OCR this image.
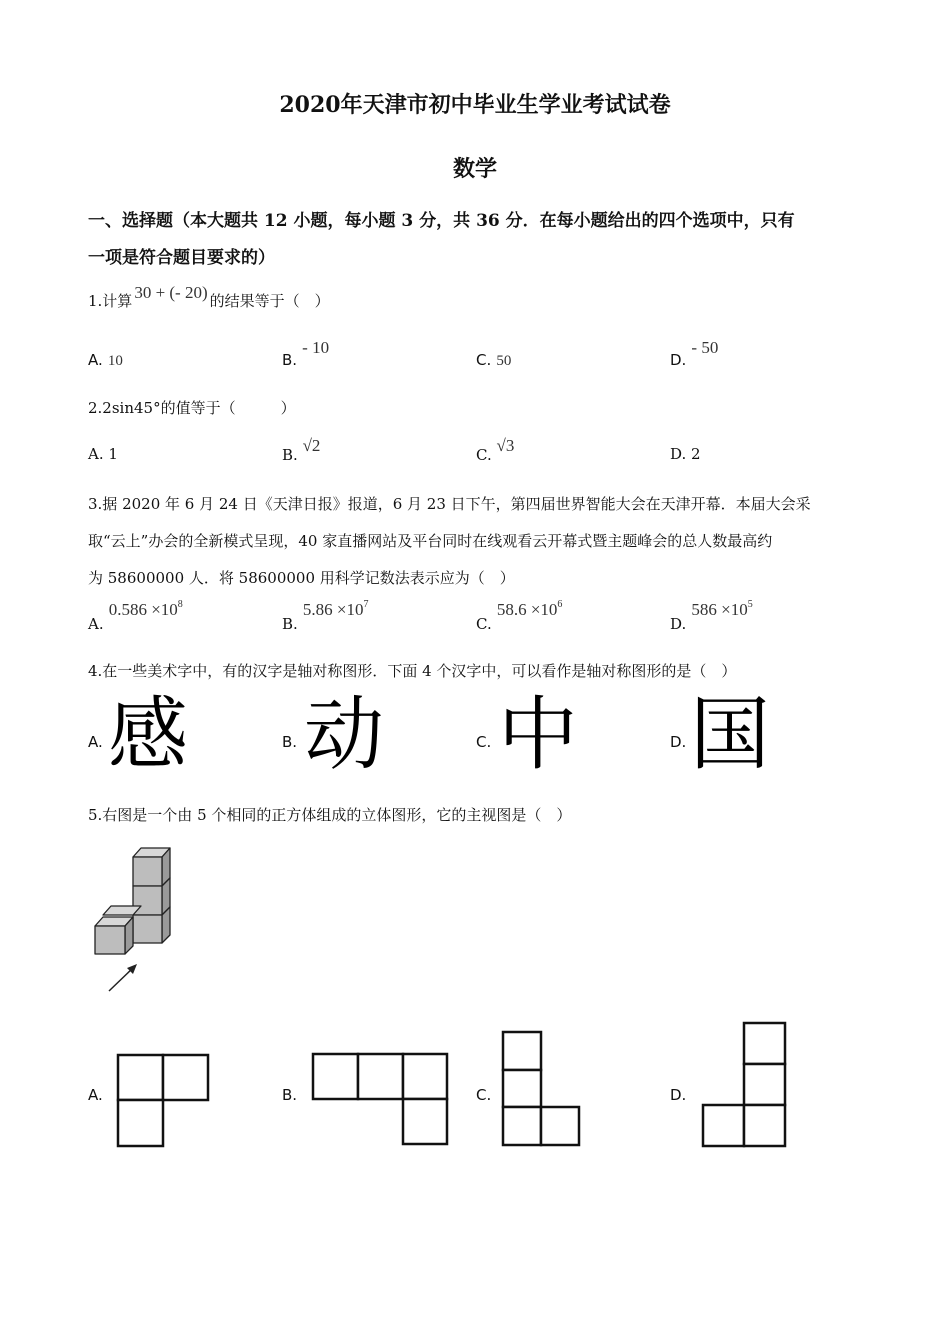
2020年天津市初中毕业生学业考试试卷
数学
一、选择题（本大题共 12 小题，每小题 3 分，共 36 分．在每小题给出的四个选项中，只有
一项是符合题目要求的）
1.计算 30 + (- 20) 的结果等于（　）
A. 10	B. - 10
C. 50	D. - 50
2.2sin45°的值等于（　　　）
A. 1	B. √2	C. √3	D. 2
3.据 2020 年 6 月 24 日《天津日报》报道，6 月 23 日下午，第四届世界智能大会在天津开幕．本届大会采
取“云上”办会的全新模式呈现，40 家直播网站及平台同时在线观看云开幕式暨主题峰会的总人数最高约
为 58600000 人．将 58600000 用科学记数法表示应为（　）
A. $0.586 \times 10^8$
B. $5.86 \times 10^7$
C. $58.6 \times 10^6$
D. $586 \times 10^5$
4.在一些美术字中，有的汉字是轴对称图形．下面 4 个汉字中，可以看作是轴对称图形的是（　）
A. 感	B. 动	C. 中	D. 国
5.右图是一个由 5 个相同的正方体组成的立体图形，它的主视图是（　）
A.	B.	C.	D.
